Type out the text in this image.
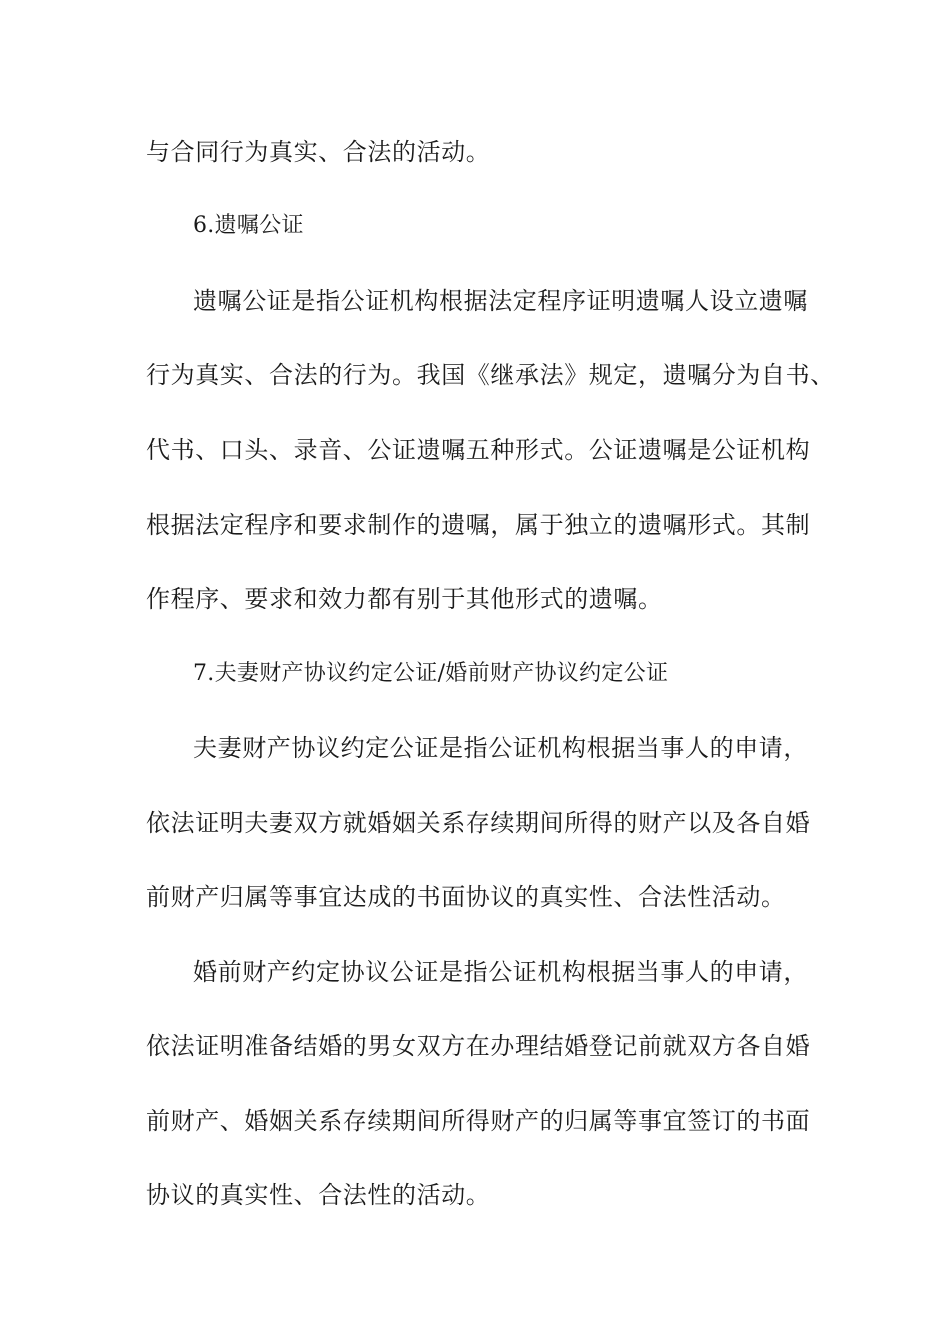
与合同行为真实、合法的活动。
6.遗嘱公证
遗嘱公证是指公证机构根据法定程序证明遗嘱人设立遗嘱
行为真实、合法的行为。我国《继承法》规定，遗嘱分为自书、
代书、口头、录音、公证遗嘱五种形式。公证遗嘱是公证机构
根据法定程序和要求制作的遗嘱，属于独立的遗嘱形式。其制
作程序、要求和效力都有别于其他形式的遗嘱。
7.夫妻财产协议约定公证/婚前财产协议约定公证
夫妻财产协议约定公证是指公证机构根据当事人的申请，
依法证明夫妻双方就婚姻关系存续期间所得的财产以及各自婚
前财产归属等事宜达成的书面协议的真实性、合法性活动。
婚前财产约定协议公证是指公证机构根据当事人的申请，
依法证明准备结婚的男女双方在办理结婚登记前就双方各自婚
前财产、婚姻关系存续期间所得财产的归属等事宜签订的书面
协议的真实性、合法性的活动。
